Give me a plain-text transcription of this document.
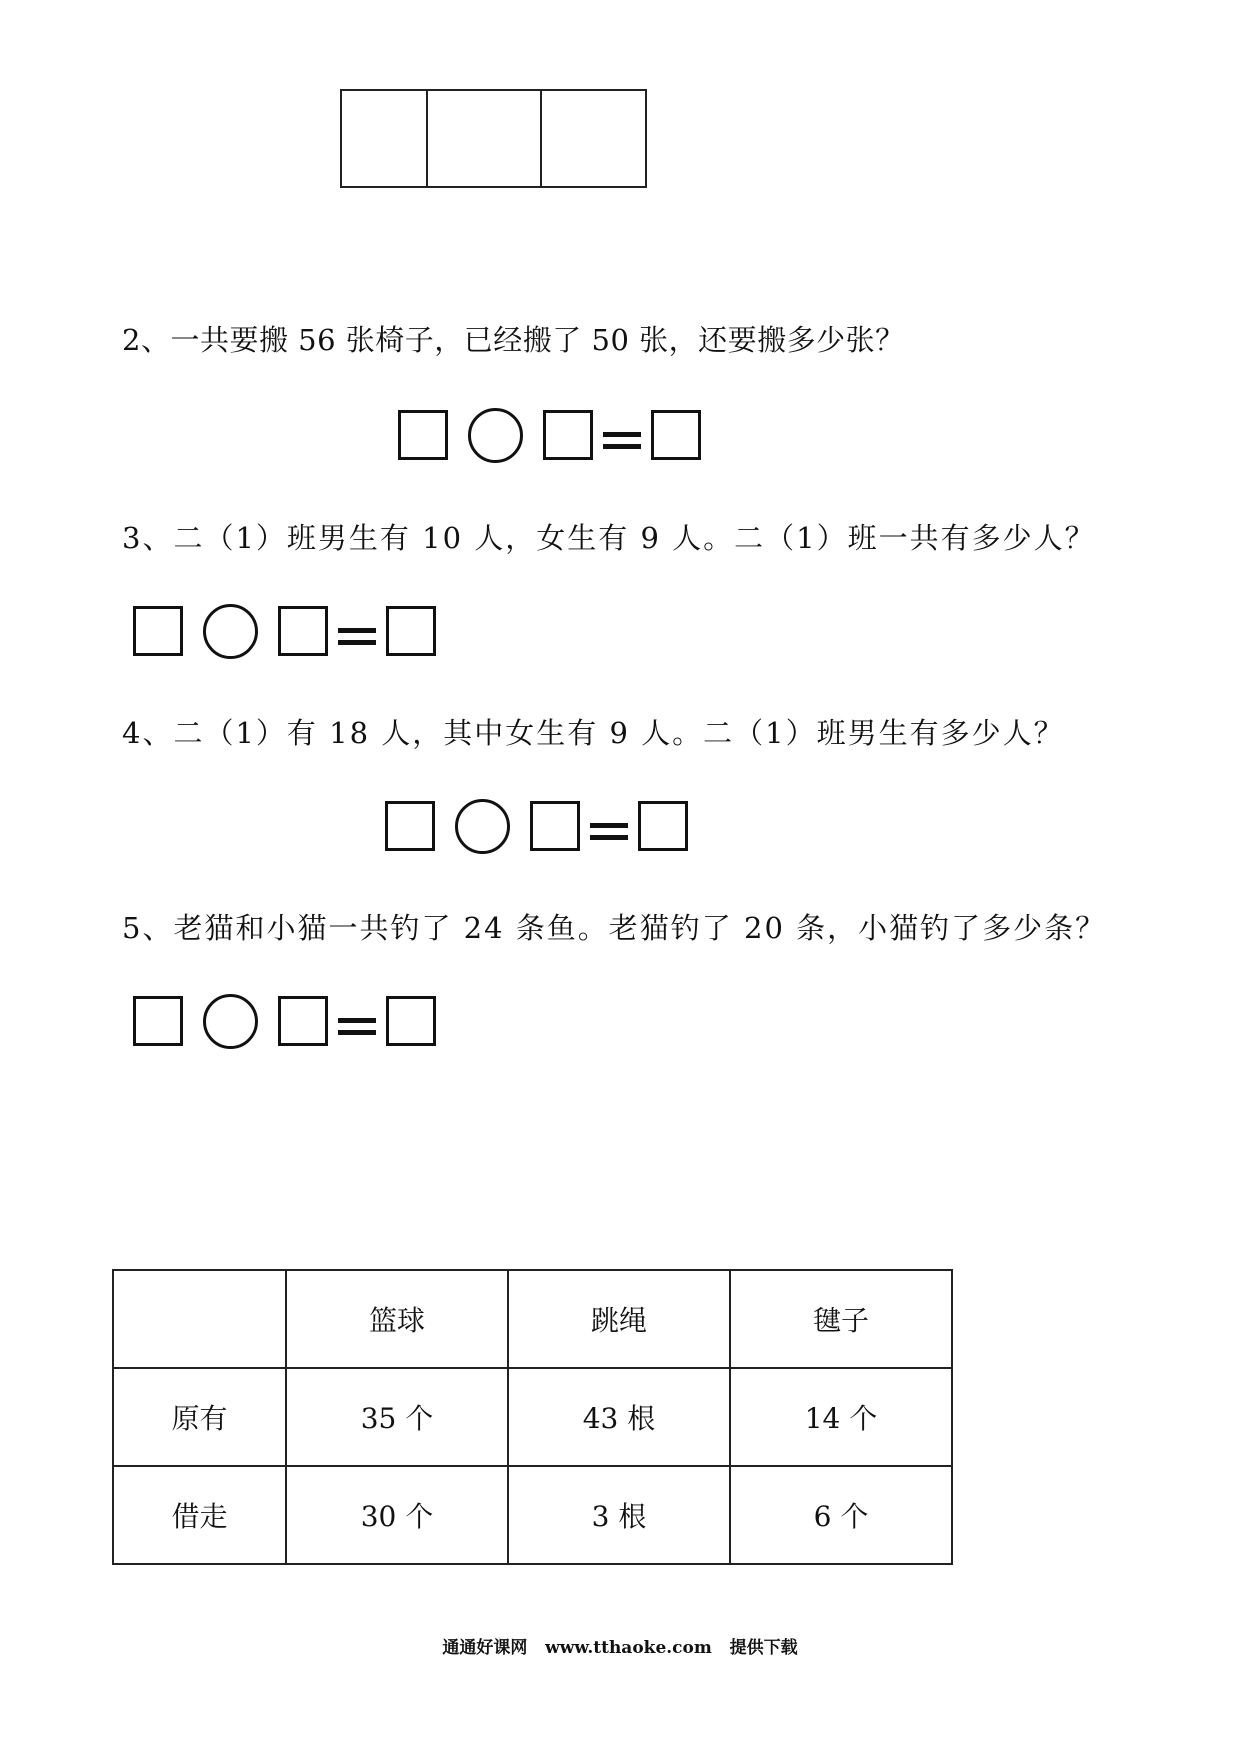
2、一共要搬 56 张椅子，已经搬了 50 张，还要搬多少张？
3、二（1）班男生有 10 人，女生有 9 人。二（1）班一共有多少人？
4、二（1）有 18 人，其中女生有 9 人。二（1）班男生有多少人？
5、老猫和小猫一共钓了 24 条鱼。老猫钓了 20 条，小猫钓了多少条？
	篮球	跳绳	毽子
原有	35 个	43 根	14 个
借走	30 个	3 根	6 个
通通好课网   www.tthaoke.com   提供下载
